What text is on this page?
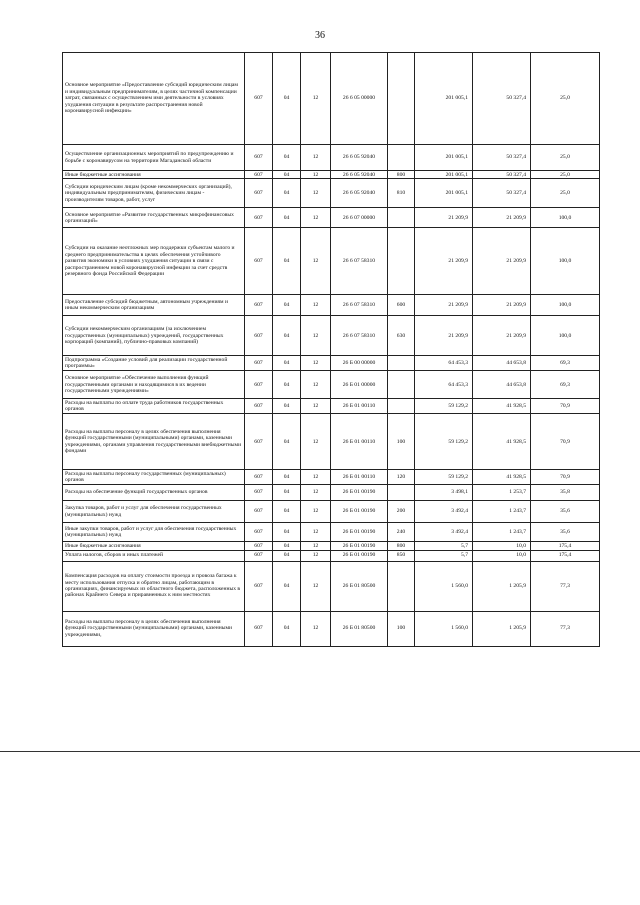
36
Основное мероприятие «Предоставление субсидий юридическим лицам и индивидуальным предпринимателям, в целях частичной компенсации затрат, связанных с осуществлением ими деятельности в условиях ухудшения ситуации в результате распространения новой коронавирусной инфекции»	607	04	12	26 6 05 00000		201 005,1	50 327,4	25,0
Осуществление организационных мероприятий по предупреждению и борьбе с коронавирусом на территории Магаданской области	607	04	12	26 6 05 92040		201 005,1	50 327,4	25,0
Иные бюджетные ассигнования	607	04	12	26 6 05 92040	800	201 005,1	50 327,4	25,0
Субсидии юридическим лицам (кроме некоммерческих организаций), индивидуальным предпринимателям, физическим лицам - производителям товаров, работ, услуг	607	04	12	26 6 05 92040	810	201 005,1	50 327,4	25,0
Основное мероприятие «Развитие государственных микрофинансовых организаций»	607	04	12	26 6 07 00000		21 209,9	21 209,9	100,0
Субсидии на оказание неотложных мер поддержки субъектам малого и среднего предпринимательства в целях обеспечения устойчивого развития экономики в условиях ухудшения ситуации в связи с распространением новой коронавирусной инфекции за счет средств резервного фонда Российской Федерации	607	04	12	26 6 07 58310		21 209,9	21 209,9	100,0
Предоставление субсидий бюджетным, автономным учреждениям и иным некоммерческим организациям	607	04	12	26 6 07 58310	600	21 209,9	21 209,9	100,0
Субсидии некоммерческим организациям (за исключением государственных (муниципальных) учреждений, государственных корпораций (компаний), публично-правовых компаний)	607	04	12	26 6 07 58310	630	21 209,9	21 209,9	100,0
Подпрограмма «Создание условий для реализации государственной программы»	607	04	12	26 Б 00 00000		64 453,3	44 653,8	69,3
Основное мероприятие «Обеспечение выполнения функций государственными органами и находящимися в их ведении государственными учреждениями»	607	04	12	26 Б 01 00000		64 453,3	44 653,8	69,3
Расходы на выплаты по оплате труда работников государственных органов	607	04	12	26 Б 01 00110		59 129,2	41 928,5	70,9
Расходы на выплаты персоналу в целях обеспечения выполнения функций государственными (муниципальными) органами, казенными учреждениями, органами управления государственными внебюджетными фондами	607	04	12	26 Б 01 00110	100	59 129,2	41 928,5	70,9
Расходы на выплаты персоналу государственных (муниципальных) органов	607	04	12	26 Б 01 00110	120	59 129,2	41 928,5	70,9
Расходы на обеспечение функций государственных органов	607	04	12	26 Б 01 00190		3 498,1	1 253,7	35,8
Закупка товаров, работ и услуг для обеспечения государственных (муниципальных) нужд	607	04	12	26 Б 01 00190	200	3 492,4	1 243,7	35,6
Иные закупки товаров, работ и услуг для обеспечения государственных (муниципальных) нужд	607	04	12	26 Б 01 00190	240	3 492,4	1 243,7	35,6
Иные бюджетные ассигнования	607	04	12	26 Б 01 00190	800	5,7	10,0	175,4
Уплата налогов, сборов и иных платежей	607	04	12	26 Б 01 00190	850	5,7	10,0	175,4
Компенсация расходов на оплату стоимости проезда и провоза багажа к месту использования отпуска и обратно лицам, работающим в организациях, финансируемых из областного бюджета, расположенных в районах Крайнего Севера и приравненных к ним местностях	607	04	12	26 Б 01 80500		1 560,0	1 205,9	77,3
Расходы на выплаты персоналу в целях обеспечения выполнения функций государственными (муниципальными) органами, казенными учреждениями,	607	04	12	26 Б 01 80500	100	1 560,0	1 205,9	77,3
